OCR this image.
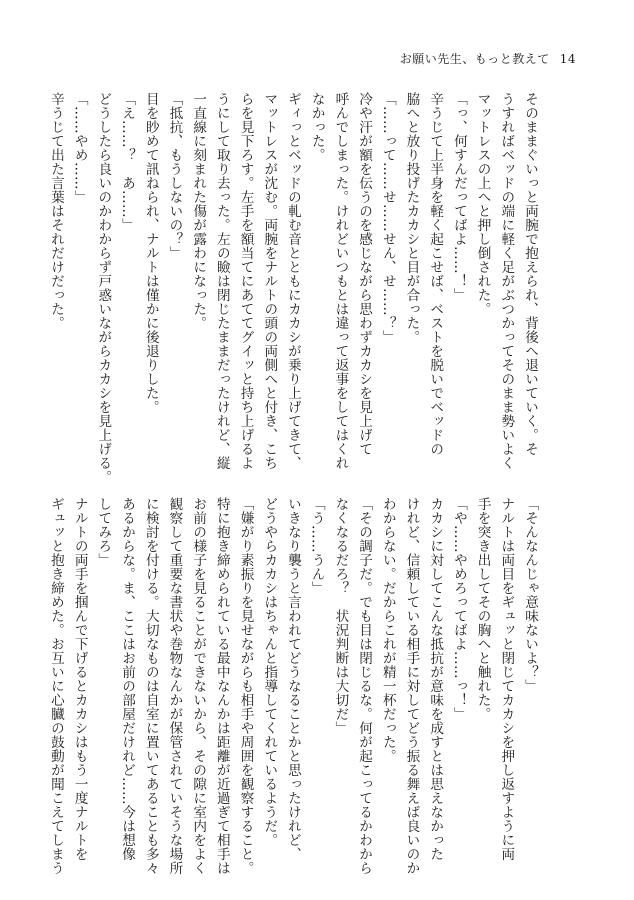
お願い先生、もっと教えて 14
そのままぐいっと両腕で抱えられ、背後へ退いていく。そ
うすればベッドの端に軽く足がぶつかってそのまま勢いよく
マットレスの上へと押し倒された。
「っ、何すんだってばよ……！」
辛うじて上半身を軽く起こせば、ベストを脱いでベッドの
脇へと放り投げたカカシと目が合った。
「……って……せ……せん、せ……？」
冷や汗が額を伝うのを感じながら思わずカカシを見上げて
呼んでしまった。けれどいつもとは違って返事をしてはくれ
なかった。
ギィっとベッドの軋む音とともにカカシが乗り上げてきて、
マットレスが沈む。両腕をナルトの頭の両側へと付き、こち
らを見下ろす。左手を額当てにあててグイッと持ち上げるよ
うにして取り去った。左の瞼は閉じたままだったけれど、縦
一直線に刻まれた傷が露わになった。
「抵抗、もうしないの？」
目を眇めて訊ねられ、ナルトは僅かに後退りした。
「え……？　あ……」
どうしたら良いのかわからず戸惑いながらカカシを見上げる。
「……やめ……」
辛うじて出た言葉はそれだけだった。
「そんなんじゃ意味ないよ？」
ナルトは両目をギュッと閉じてカカシを押し返すように両
手を突き出してその胸へと触れた。
「や……やめろってばよ……っ！」
カカシに対してこんな抵抗が意味を成すとは思えなかった
けれど、信頼している相手に対してどう振る舞えば良いのか
わからない。だからこれが精一杯だった。
「その調子だ。でも目は閉じるな。何が起こってるかわから
なくなるだろ？　状況判断は大切だ」
「う……うん」
いきなり襲うと言われてどうなることかと思ったけれど、
どうやらカカシはちゃんと指導してくれているようだ。
「嫌がり素振りを見せながらも相手や周囲を観察すること。
特に抱き締められている最中なんかは距離が近過ぎて相手は
お前の様子を見ることができないから、その隙に室内をよく
観察して重要な書状や巻物なんかが保管されていそうな場所
に検討を付ける。大切なものは自室に置いてあることも多々
あるからな。ま、ここはお前の部屋だけれど……今は想像
してみろ」
ナルトの両手を掴んで下げるとカカシはもう一度ナルトを
ギュッと抱き締めた。お互いに心臓の鼓動が聞こえてしまう
